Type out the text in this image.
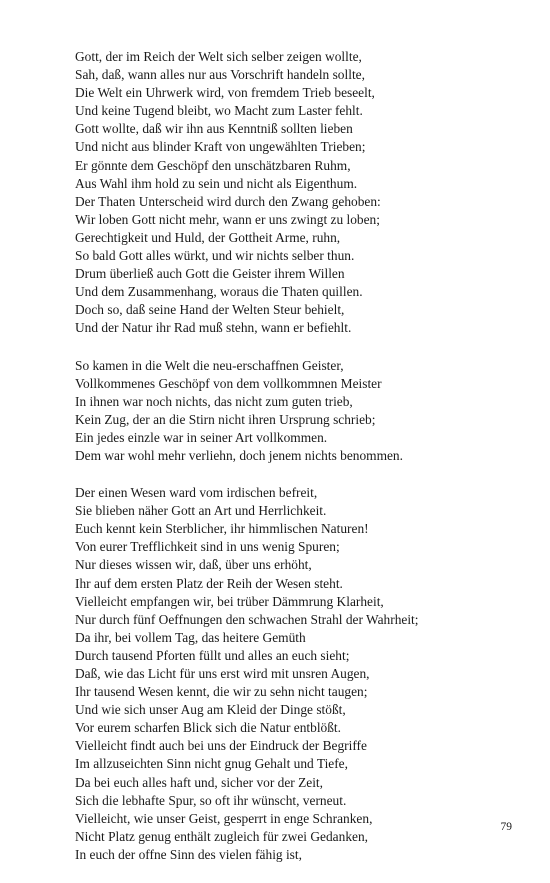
Gott, der im Reich der Welt sich selber zeigen wollte,
Sah, daß, wann alles nur aus Vorschrift handeln sollte,
Die Welt ein Uhrwerk wird, von fremdem Trieb beseelt,
Und keine Tugend bleibt, wo Macht zum Laster fehlt.
Gott wollte, daß wir ihn aus Kenntniß sollten lieben
Und nicht aus blinder Kraft von ungewählten Trieben;
Er gönnte dem Geschöpf den unschätzbaren Ruhm,
Aus Wahl ihm hold zu sein und nicht als Eigenthum.
Der Thaten Unterscheid wird durch den Zwang gehoben:
Wir loben Gott nicht mehr, wann er uns zwingt zu loben;
Gerechtigkeit und Huld, der Gottheit Arme, ruhn,
So bald Gott alles würkt, und wir nichts selber thun.
Drum überließ auch Gott die Geister ihrem Willen
Und dem Zusammenhang, woraus die Thaten quillen.
Doch so, daß seine Hand der Welten Steur behielt,
Und der Natur ihr Rad muß stehn, wann er befiehlt.
So kamen in die Welt die neu-erschaffnen Geister,
Vollkommenes Geschöpf von dem vollkommnen Meister
In ihnen war noch nichts, das nicht zum guten trieb,
Kein Zug, der an die Stirn nicht ihren Ursprung schrieb;
Ein jedes einzle war in seiner Art vollkommen.
Dem war wohl mehr verliehn, doch jenem nichts benommen.
Der einen Wesen ward vom irdischen befreit,
Sie blieben näher Gott an Art und Herrlichkeit.
Euch kennt kein Sterblicher, ihr himmlischen Naturen!
Von eurer Trefflichkeit sind in uns wenig Spuren;
Nur dieses wissen wir, daß, über uns erhöht,
Ihr auf dem ersten Platz der Reih der Wesen steht.
Vielleicht empfangen wir, bei trüber Dämmrung Klarheit,
Nur durch fünf Oeffnungen den schwachen Strahl der Wahrheit;
Da ihr, bei vollem Tag, das heitere Gemüth
Durch tausend Pforten füllt und alles an euch sieht;
Daß, wie das Licht für uns erst wird mit unsren Augen,
Ihr tausend Wesen kennt, die wir zu sehn nicht taugen;
Und wie sich unser Aug am Kleid der Dinge stößt,
Vor eurem scharfen Blick sich die Natur entblößt.
Vielleicht findt auch bei uns der Eindruck der Begriffe
Im allzuseichten Sinn nicht gnug Gehalt und Tiefe,
Da bei euch alles haft und, sicher vor der Zeit,
Sich die lebhafte Spur, so oft ihr wünscht, verneut.
Vielleicht, wie unser Geist, gesperrt in enge Schranken,
Nicht Platz genug enthält zugleich für zwei Gedanken,
In euch der offne Sinn des vielen fähig ist,
79
